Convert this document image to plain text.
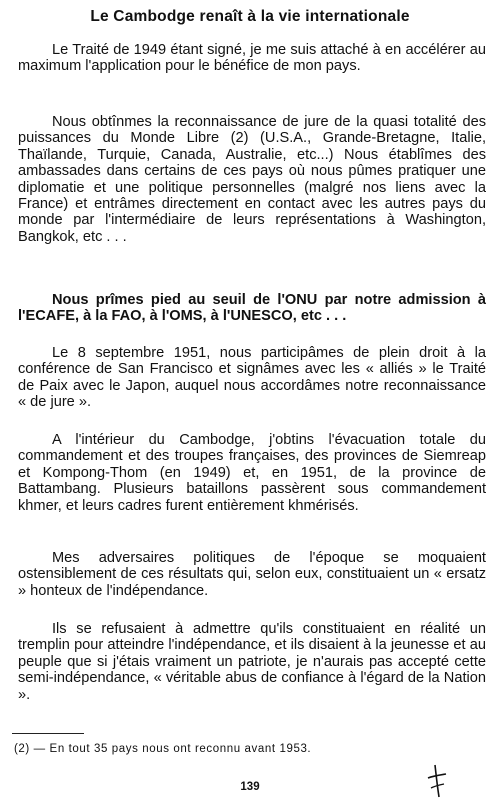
Le Cambodge renaît à la vie internationale

Le Traité de 1949 étant signé, je me suis attaché à en accélérer au maximum l'application pour le bénéfice de mon pays.

Nous obtînmes la reconnaissance de jure de la quasi totalité des puissances du Monde Libre (2) (U.S.A., Grande-Bretagne, Italie, Thaïlande, Turquie, Canada, Australie, etc...) Nous établîmes des ambassades dans certains de ces pays où nous pûmes pratiquer une diplomatie et une politique personnelles (malgré nos liens avec la France) et entrâmes directement en contact avec les autres pays du monde par l'intermédiaire de leurs représentations à Washington, Bangkok, etc . . .

Nous prîmes pied au seuil de l'ONU par notre admission à l'ECAFE, à la FAO, à l'OMS, à l'UNESCO, etc . . .

Le 8 septembre 1951, nous participâmes de plein droit à la conférence de San Francisco et signâmes avec les « alliés » le Traité de Paix avec le Japon, auquel nous accordâmes notre reconnaissance « de jure ».

A l'intérieur du Cambodge, j'obtins l'évacuation totale du commandement et des troupes françaises, des provinces de Siemreap et Kompong-Thom (en 1949) et, en 1951, de la province de Battambang. Plusieurs bataillons passèrent sous commandement khmer, et leurs cadres furent entièrement khmérisés.

Mes adversaires politiques de l'époque se moquaient ostensiblement de ces résultats qui, selon eux, constituaient un « ersatz » honteux de l'indépendance.

Ils se refusaient à admettre qu'ils constituaient en réalité un tremplin pour atteindre l'indépendance, et ils disaient à la jeunesse et au peuple que si j'étais vraiment un patriote, je n'aurais pas accepté cette semi-indépendance, « véritable abus de confiance à l'égard de la Nation ».

(2) — En tout 35 pays nous ont reconnu avant 1953.
139
